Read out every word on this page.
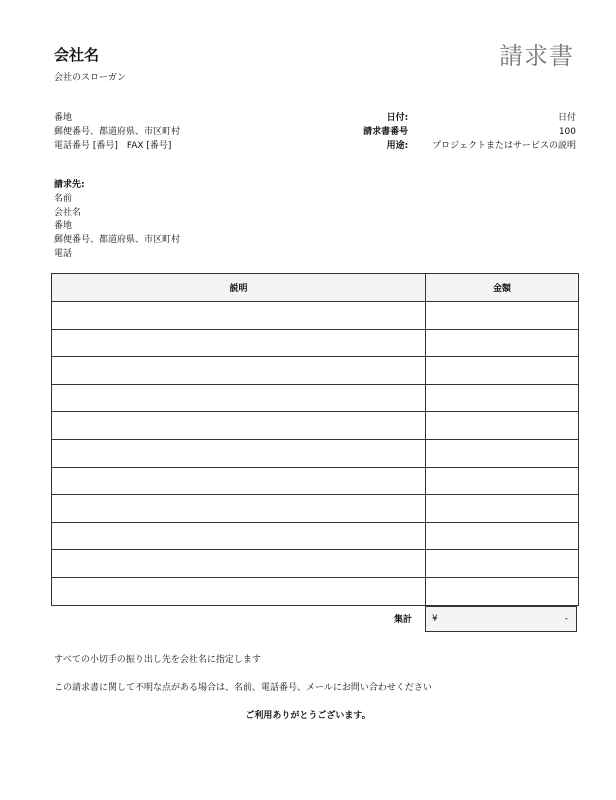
会社名
会社のスローガン
請求書
番地
郵便番号、都道府県、市区町村
電話番号 [番号]　FAX [番号]
日付:	日付
請求書番号	100
用途:	プロジェクトまたはサービスの説明
請求先:
名前
会社名
番地
郵便番号、都道府県、市区町村
電話
説明	金額

集計 ¥	-
すべての小切手の振り出し先を会社名に指定します
この請求書に関して不明な点がある場合は、名前、電話番号、メールにお問い合わせください
ご利用ありがとうございます。
